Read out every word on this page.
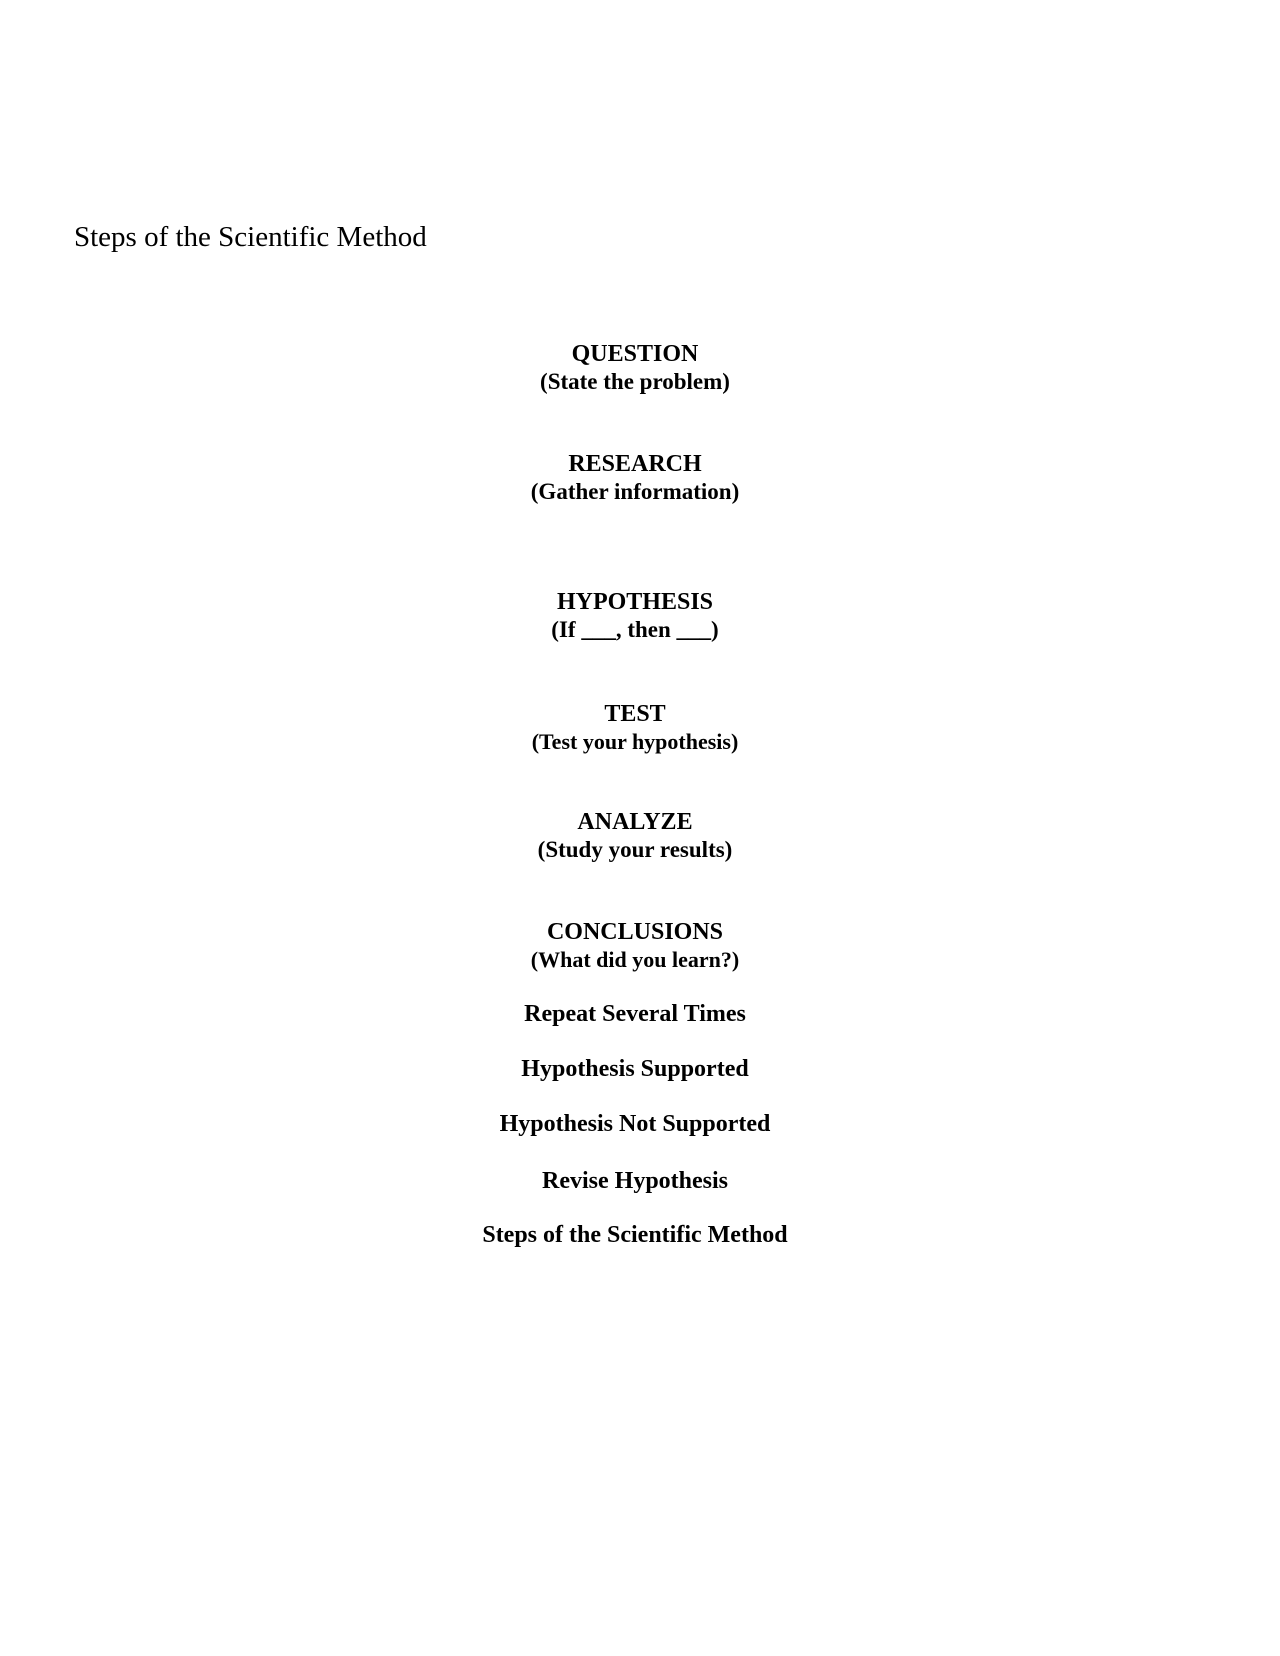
Steps of the Scientific Method
QUESTION
(State the problem)
RESEARCH
(Gather information)
HYPOTHESIS
(If ___, then ___)
TEST
(Test your hypothesis)
ANALYZE
(Study your results)
CONCLUSIONS
(What did you learn?)
Repeat Several Times
Hypothesis Supported
Hypothesis Not Supported
Revise Hypothesis
Steps of the Scientific Method
